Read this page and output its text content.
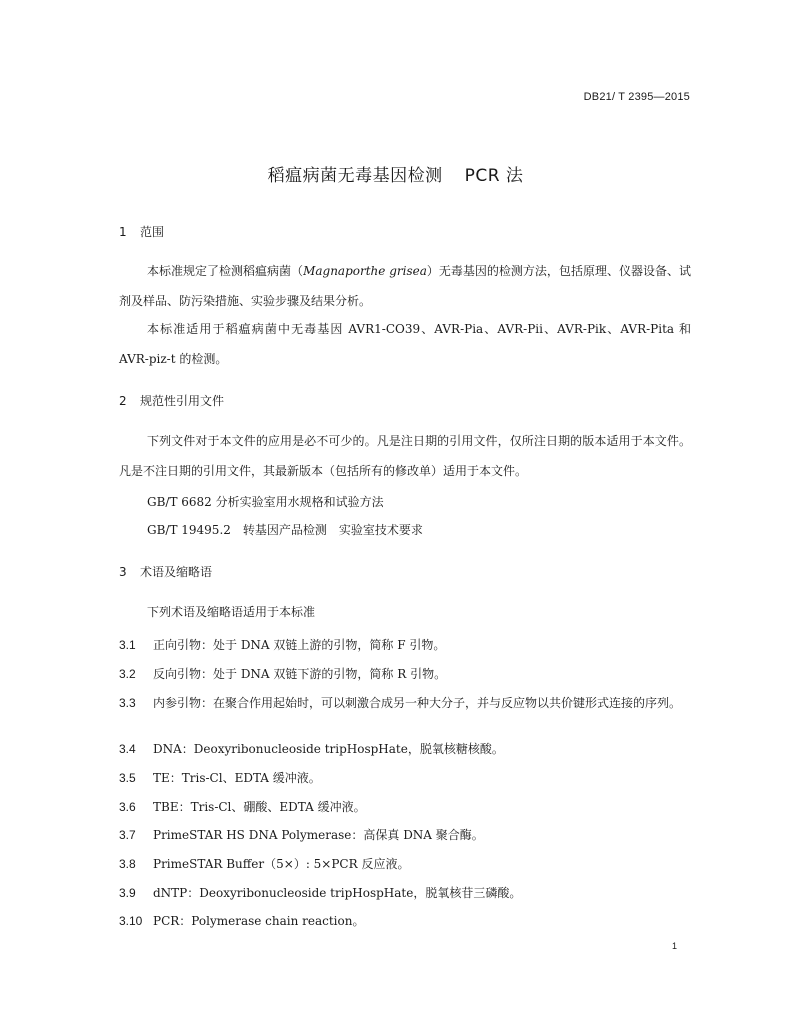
DB21/ T 2395—2015
稻瘟病菌无毒基因检测 PCR 法
1 范围
本标准规定了检测稻瘟病菌（Magnaporthe grisea）无毒基因的检测方法，包括原理、仪器设备、试剂及样品、防污染措施、实验步骤及结果分析。
本标准适用于稻瘟病菌中无毒基因 AVR1-CO39、AVR-Pia、AVR-Pii、AVR-Pik、AVR-Pita 和 AVR-piz-t 的检测。
2 规范性引用文件
下列文件对于本文件的应用是必不可少的。凡是注日期的引用文件，仅所注日期的版本适用于本文件。凡是不注日期的引用文件，其最新版本（包括所有的修改单）适用于本文件。
GB/T 6682 分析实验室用水规格和试验方法
GB/T 19495.2　转基因产品检测　实验室技术要求
3 术语及缩略语
下列术语及缩略语适用于本标准
3.1 正向引物：处于 DNA 双链上游的引物，简称 F 引物。
3.2 反向引物：处于 DNA 双链下游的引物，简称 R 引物。
3.3 内参引物：在聚合作用起始时，可以刺激合成另一种大分子，并与反应物以共价键形式连接的序列。
3.4 DNA：Deoxyribonucleoside tripHospHate，脱氧核糖核酸。
3.5 TE：Tris-Cl、EDTA 缓冲液。
3.6 TBE：Tris-Cl、硼酸、EDTA 缓冲液。
3.7 PrimeSTAR HS DNA Polymerase：高保真 DNA 聚合酶。
3.8 PrimeSTAR Buffer（5×）: 5×PCR 反应液。
3.9 dNTP：Deoxyribonucleoside tripHospHate，脱氧核苷三磷酸。
3.10 PCR：Polymerase chain reaction。
1
